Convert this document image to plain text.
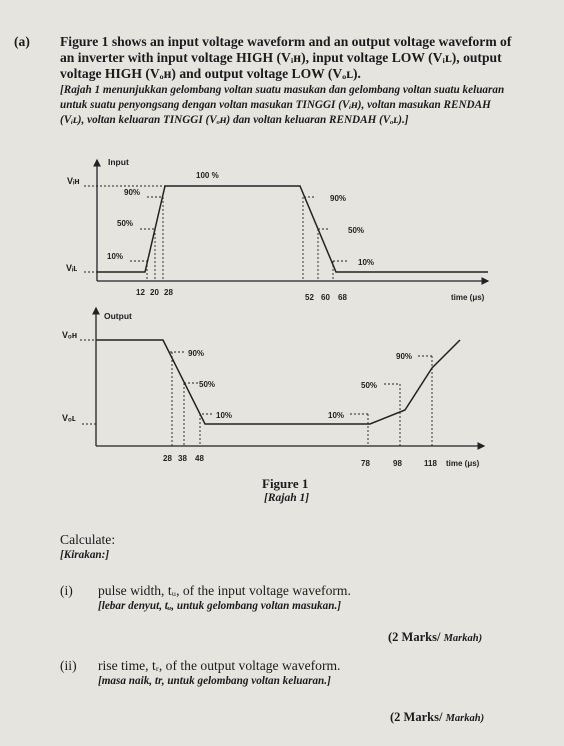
(a) Figure 1 shows an input voltage waveform and an output voltage waveform of
an inverter with input voltage HIGH (Vᵢʜ), input voltage LOW (Vᵢʟ), output
voltage HIGH (Vₒʜ) and output voltage LOW (Vₒʟ).
[Rajah 1 menunjukkan gelombang voltan suatu masukan dan gelombang voltan suatu keluaran
untuk suatu penyongsang dengan voltan masukan TINGGI (Vᵢʜ), voltan masukan RENDAH
(Vᵢʟ), voltan keluaran TINGGI (Vₒʜ) dan voltan keluaran RENDAH (Vₒʟ).]
Input
Vᵢʜ
Vᵢʟ
100 %
90%
50%
10%
90%
50%
10%
12 20 28
52 60 68	time (μs)
Output
Vₒʜ
Vₒʟ
90%
50%
10%
90%
50%
10%
28 38 48
78	98	118 time (μs)
Figure 1
[Rajah 1]
Calculate:
[Kirakan:]
(i) pulse width, tᵤ, of the input voltage waveform.
[lebar denyut, tᵤ, untuk gelombang voltan masukan.]
(2 Marks/ Markah)
(ii) rise time, tᵣ, of the output voltage waveform.
[masa naik, tr, untuk gelombang voltan keluaran.]
(2 Marks/ Markah)
